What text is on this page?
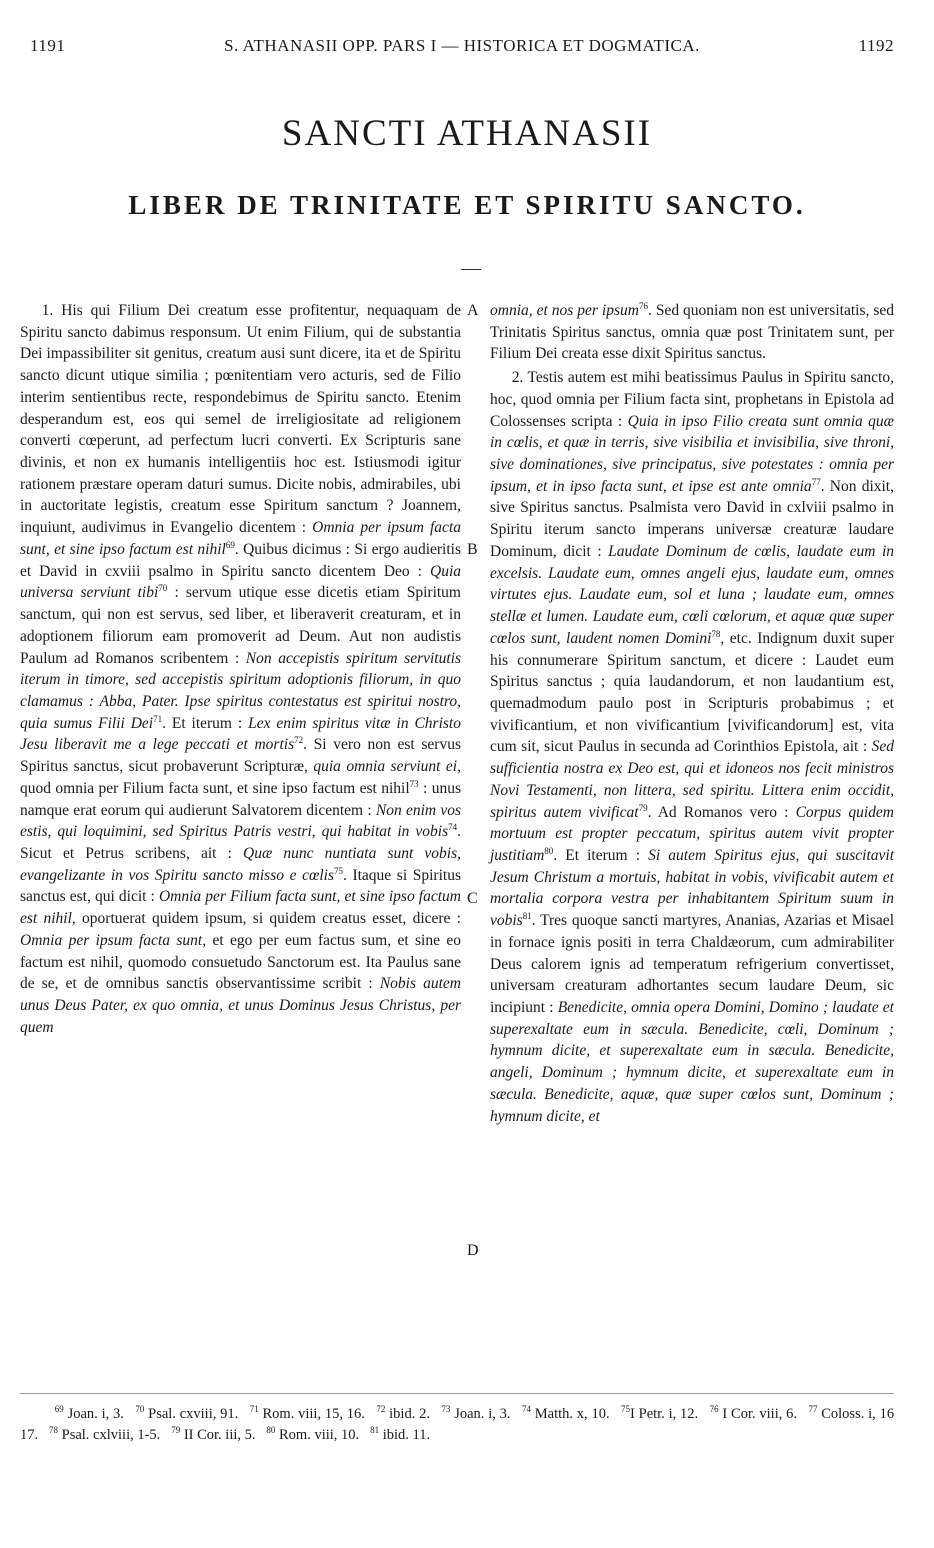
1191	S. ATHANASII OPP. PARS I — HISTORICA ET DOGMATICA.	1192
SANCTI ATHANASII
LIBER DE TRINITATE ET SPIRITU SANCTO.
A
B
C
D

1. His qui Filium Dei creatum esse profitentur, nequaquam de Spiritu sancto dabimus responsum. Ut enim Filium, qui de substantia Dei impassibiliter sit genitus, creatum ausi sunt dicere, ita et de Spiritu sancto dicunt utique similia ; pœnitentiam vero acturis, sed de Filio interim sentientibus recte, respondebimus de Spiritu sancto. Etenim desperandum est, eos qui semel de irreligiositate ad religionem converti cœperunt, ad perfectum lucri converti. Ex Scripturis sane divinis, et non ex humanis intelligentiis hoc est. Istiusmodi igitur rationem præstare operam daturi sumus. Dicite nobis, admirabiles, ubi in auctoritate legistis, creatum esse Spiritum sanctum ? Joannem, inquiunt, audivimus in Evangelio dicentem : Omnia per ipsum facta sunt, et sine ipso factum est nihil$^{69}$. Quibus dicimus : Si ergo audieritis et David in cxviii psalmo in Spiritu sancto dicentem Deo : Quia universa serviunt tibi$^{70}$ : servum utique esse dicetis etiam Spiritum sanctum, qui non est servus, sed liber, et liberaverit creaturam, et in adoptionem filiorum eam promoverit ad Deum. Aut non audistis Paulum ad Romanos scribentem : Non accepistis spiritum servitutis iterum in timore, sed accepistis spiritum adoptionis filiorum, in quo clamamus : Abba, Pater. Ipse spiritus contestatus est spiritui nostro, quia sumus Filii Dei$^{71}$. Et iterum : Lex enim spiritus vitæ in Christo Jesu liberavit me a lege peccati et mortis$^{72}$. Si vero non est servus Spiritus sanctus, sicut probaverunt Scripturæ, quia omnia serviunt ei, quod omnia per Filium facta sunt, et sine ipso factum est nihil$^{73}$ : unus namque erat eorum qui audierunt Salvatorem dicentem : Non enim vos estis, qui loquimini, sed Spiritus Patris vestri, qui habitat in vobis$^{74}$. Sicut et Petrus scribens, ait : Quæ nunc nuntiata sunt vobis, evangelizante in vos Spiritu sancto misso e cœlis$^{75}$. Itaque si Spiritus sanctus est, qui dicit : Omnia per Filium facta sunt, et sine ipso factum est nihil, oportuerat quidem ipsum, si quidem creatus esset, dicere : Omnia per ipsum facta sunt, et ego per eum factus sum, et sine eo factum est nihil, quomodo consuetudo Sanctorum est. Ita Paulus sane de se, et de omnibus sanctis observantissime scribit : Nobis autem unus Deus Pater, ex quo omnia, et unus Dominus Jesus Christus, per quem

omnia, et nos per ipsum$^{76}$. Sed quoniam non est universitatis, sed Trinitatis Spiritus sanctus, omnia quæ post Trinitatem sunt, per Filium Dei creata esse dixit Spiritus sanctus.

2. Testis autem est mihi beatissimus Paulus in Spiritu sancto, hoc, quod omnia per Filium facta sint, prophetans in Epistola ad Colossenses scripta : Quia in ipso Filio creata sunt omnia quæ in cœlis, et quæ in terris, sive visibilia et invisibilia, sive throni, sive dominationes, sive principatus, sive potestates : omnia per ipsum, et in ipso facta sunt, et ipse est ante omnia$^{77}$. Non dixit, sive Spiritus sanctus. Psalmista vero David in cxlviii psalmo in Spiritu iterum sancto imperans universæ creaturæ laudare Dominum, dicit : Laudate Dominum de cœlis, laudate eum in excelsis. Laudate eum, omnes angeli ejus, laudate eum, omnes virtutes ejus. Laudate eum, sol et luna ; laudate eum, omnes stellæ et lumen. Laudate eum, cœli cœlorum, et aquæ quæ super cœlos sunt, laudent nomen Domini$^{78}$, etc. Indignum duxit super his connumerare Spiritum sanctum, et dicere : Laudet eum Spiritus sanctus ; quia laudandorum, et non laudantium est, quemadmodum paulo post in Scripturis probabimus ; et vivificantium, et non vivificantium [vivificandorum] est, vita cum sit, sicut Paulus in secunda ad Corinthios Epistola, ait : Sed sufficientia nostra ex Deo est, qui et idoneos nos fecit ministros Novi Testamenti, non littera, sed spiritu. Littera enim occidit, spiritus autem vivificat$^{79}$. Ad Romanos vero : Corpus quidem mortuum est propter peccatum, spiritus autem vivit propter justitiam$^{80}$. Et iterum : Si autem Spiritus ejus, qui suscitavit Jesum Christum a mortuis, habitat in vobis, vivificabit autem et mortalia corpora vestra per inhabitantem Spiritum suum in vobis$^{81}$. Tres quoque sancti martyres, Ananias, Azarias et Misael in fornace ignis positi in terra Chaldæorum, cum admirabiliter Deus calorem ignis ad temperatum refrigerium convertisset, universam creaturam adhortantes secum laudare Deum, sic incipiunt : Benedicite, omnia opera Domini, Domino ; laudate et superexaltate eum in sæcula. Benedicite, cœli, Dominum ; hymnum dicite, et superexaltate eum in sæcula. Benedicite, angeli, Dominum ; hymnum dicite, et superexaltate eum in sæcula. Benedicite, aquæ, quæ super cœlos sunt, Dominum ; hymnum dicite, et

$^{69}$ Joan. i, 3. $^{70}$ Psal. cxviii, 91. $^{71}$ Rom. viii, 15, 16. $^{72}$ ibid. 2. $^{73}$ Joan. i, 3. $^{74}$ Matth. x, 10. $^{75}$I Petr. i, 12. $^{76}$ I Cor. viii, 6. $^{77}$ Coloss. i, 16 17. $^{78}$ Psal. cxlviii, 1-5. $^{79}$ II Cor. iii, 5. $^{80}$ Rom. viii, 10. $^{81}$ ibid. 11.
